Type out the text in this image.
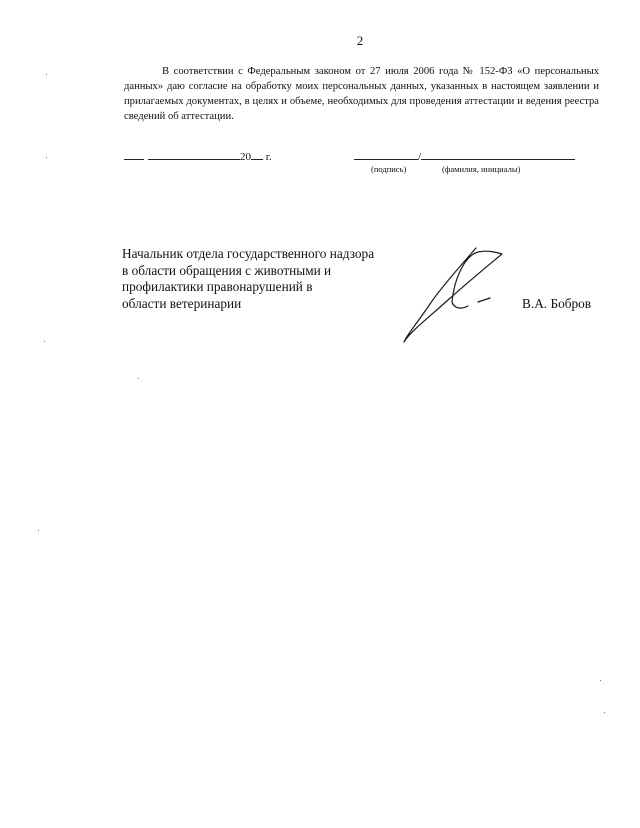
2

В соответствии с Федеральным законом от 27 июля 2006 года № 152-ФЗ «О персональных данных» даю согласие на обработку моих персональных данных, указанных в настоящем заявлении и прилагаемых документах, в целях и объеме, необходимых для проведения аттестации и ведения реестра сведений об аттестации.

20 г.	/
(подпись)	(фамилия, инициалы)
Начальник отдела государственного надзора
в области обращения с животными и
профилактики правонарушений в
области ветеринарии	В.А. Бобров
